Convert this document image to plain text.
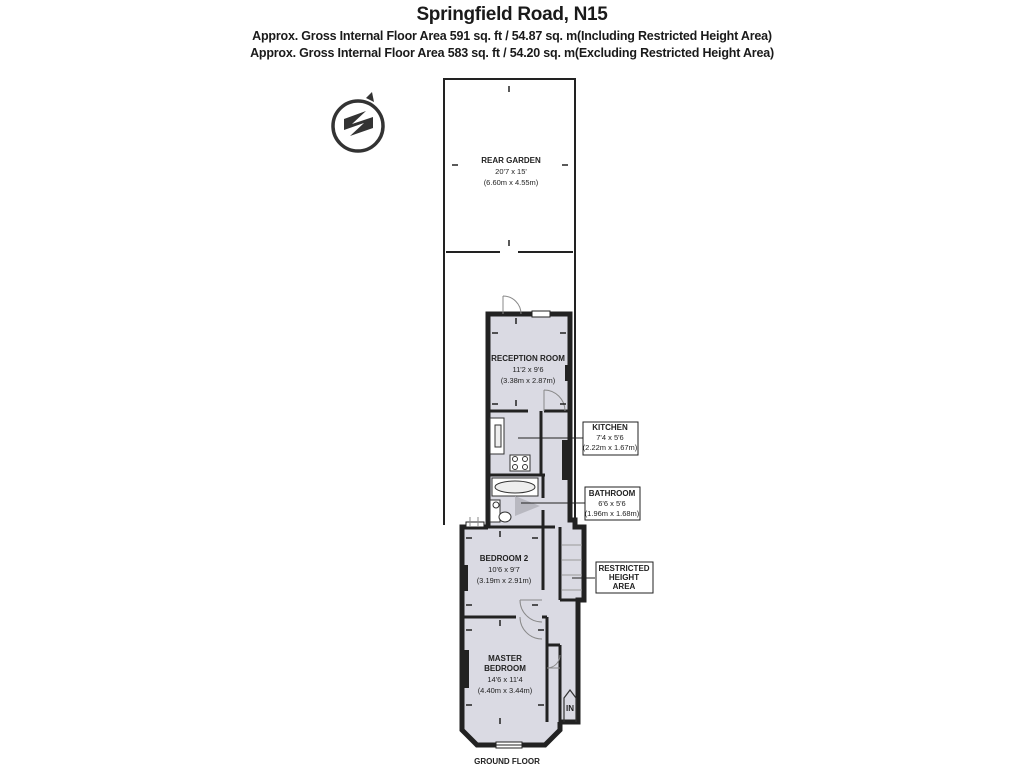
Springfield Road, N15
Approx. Gross Internal Floor Area 591 sq. ft / 54.87 sq. m(Including Restricted Height Area)
Approx. Gross Internal Floor Area 583 sq. ft / 54.20 sq. m(Excluding Restricted Height Area)
REAR GARDEN
20'7 x 15'
(6.60m x 4.55m)
RECEPTION ROOM
11'2 x 9'6
(3.38m x 2.87m)
KITCHEN
7'4 x 5'6
(2.22m x 1.67m)
BATHROOM
6'6 x 5'6
(1.96m x 1.68m)
RESTRICTED
HEIGHT
AREA
BEDROOM 2
10'6 x 9'7
(3.19m x 2.91m)
MASTER
BEDROOM
14'6 x 11'4
(4.40m x 3.44m)
IN
GROUND FLOOR
